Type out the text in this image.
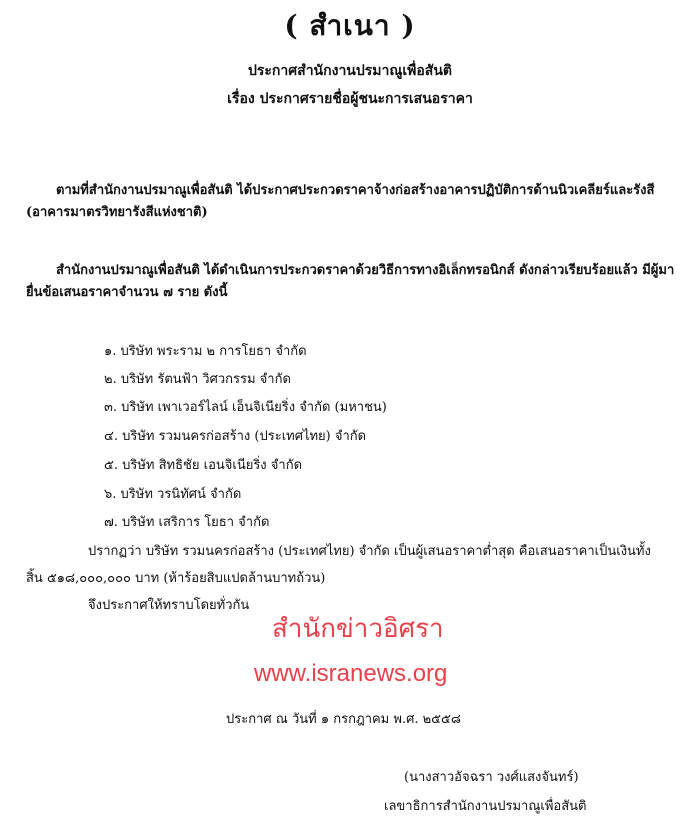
( สำเนา )
ประกาศสำนักงานปรมาณูเพื่อสันติ
เรื่อง ประกาศรายชื่อผู้ชนะการเสนอราคา
ตามที่สำนักงานปรมาณูเพื่อสันติ ได้ประกาศประกวดราคาจ้างก่อสร้างอาคารปฏิบัติการด้านนิวเคลียร์และรังสี (อาคารมาตรวิทยารังสีแห่งชาติ)
สำนักงานปรมาณูเพื่อสันติ ได้ดำเนินการประกวดราคาด้วยวิธีการทางอิเล็กทรอนิกส์ ดังกล่าวเรียบร้อยแล้ว มีผู้มายื่นข้อเสนอราคาจำนวน ๗ ราย ดังนี้
๑. บริษัท พระราม ๒ การโยธา จำกัด
๒. บริษัท รัตนฟ้า วิศวกรรม จำกัด
๓. บริษัท เพาเวอร์ไลน์ เอ็นจิเนียริ่ง จำกัด (มหาชน)
๔. บริษัท รวมนครก่อสร้าง (ประเทศไทย) จำกัด
๕. บริษัท สิทธิชัย เอนจิเนียริ่ง จำกัด
๖. บริษัท วรนิทัศน์ จำกัด
๗. บริษัท เสริการ โยธา จำกัด
ปรากฏว่า บริษัท รวมนครก่อสร้าง (ประเทศไทย) จำกัด เป็นผู้เสนอราคาต่ำสุด คือเสนอราคาเป็นเงินทั้ง
สิ้น ๕๑๘,๐๐๐,๐๐๐ บาท (ห้าร้อยสิบแปดล้านบาทถ้วน)
จึงประกาศให้ทราบโดยทั่วกัน
สำนักข่าวอิศรา
www.isranews.org
ประกาศ ณ วันที่ ๑ กรกฎาคม พ.ศ. ๒๕๕๘
(นางสาวอัจฉรา วงศ์แสงจันทร์)
เลขาธิการสำนักงานปรมาณูเพื่อสันติ
